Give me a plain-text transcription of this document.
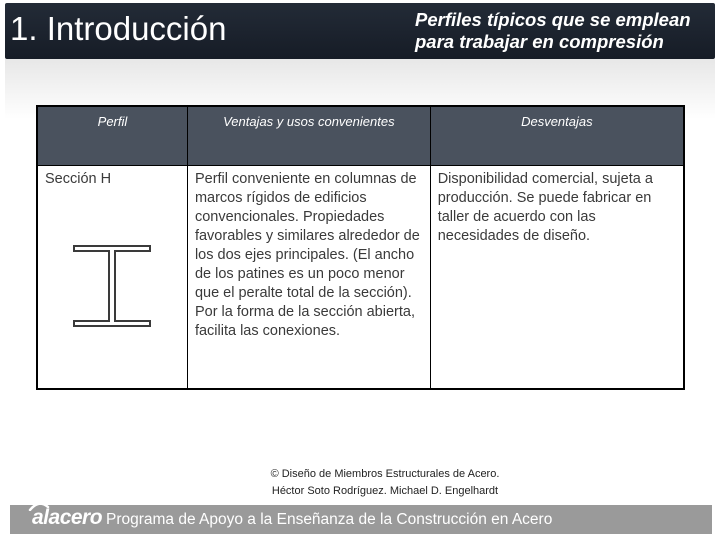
1. Introducción	Perfiles típicos que se emplean
para trabajar en compresión
Perfil	Ventajas y usos convenientes	Desventajas

Sección H	Perfil conveniente en columnas de marcos rígidos de edificios convencionales. Propiedades favorables y similares alrededor de los dos ejes principales. (El ancho de los patines es un poco menor que el peralte total de la sección). Por la forma de la sección abierta, facilita las conexiones.	Disponibilidad comercial, sujeta a producción. Se puede fabricar en taller de acuerdo con las necesidades de diseño.
© Diseño de Miembros Estructurales de Acero.
Héctor Soto Rodríguez. Michael D. Engelhardt
alacero Programa de Apoyo a la Enseñanza de la Construcción en Acero
